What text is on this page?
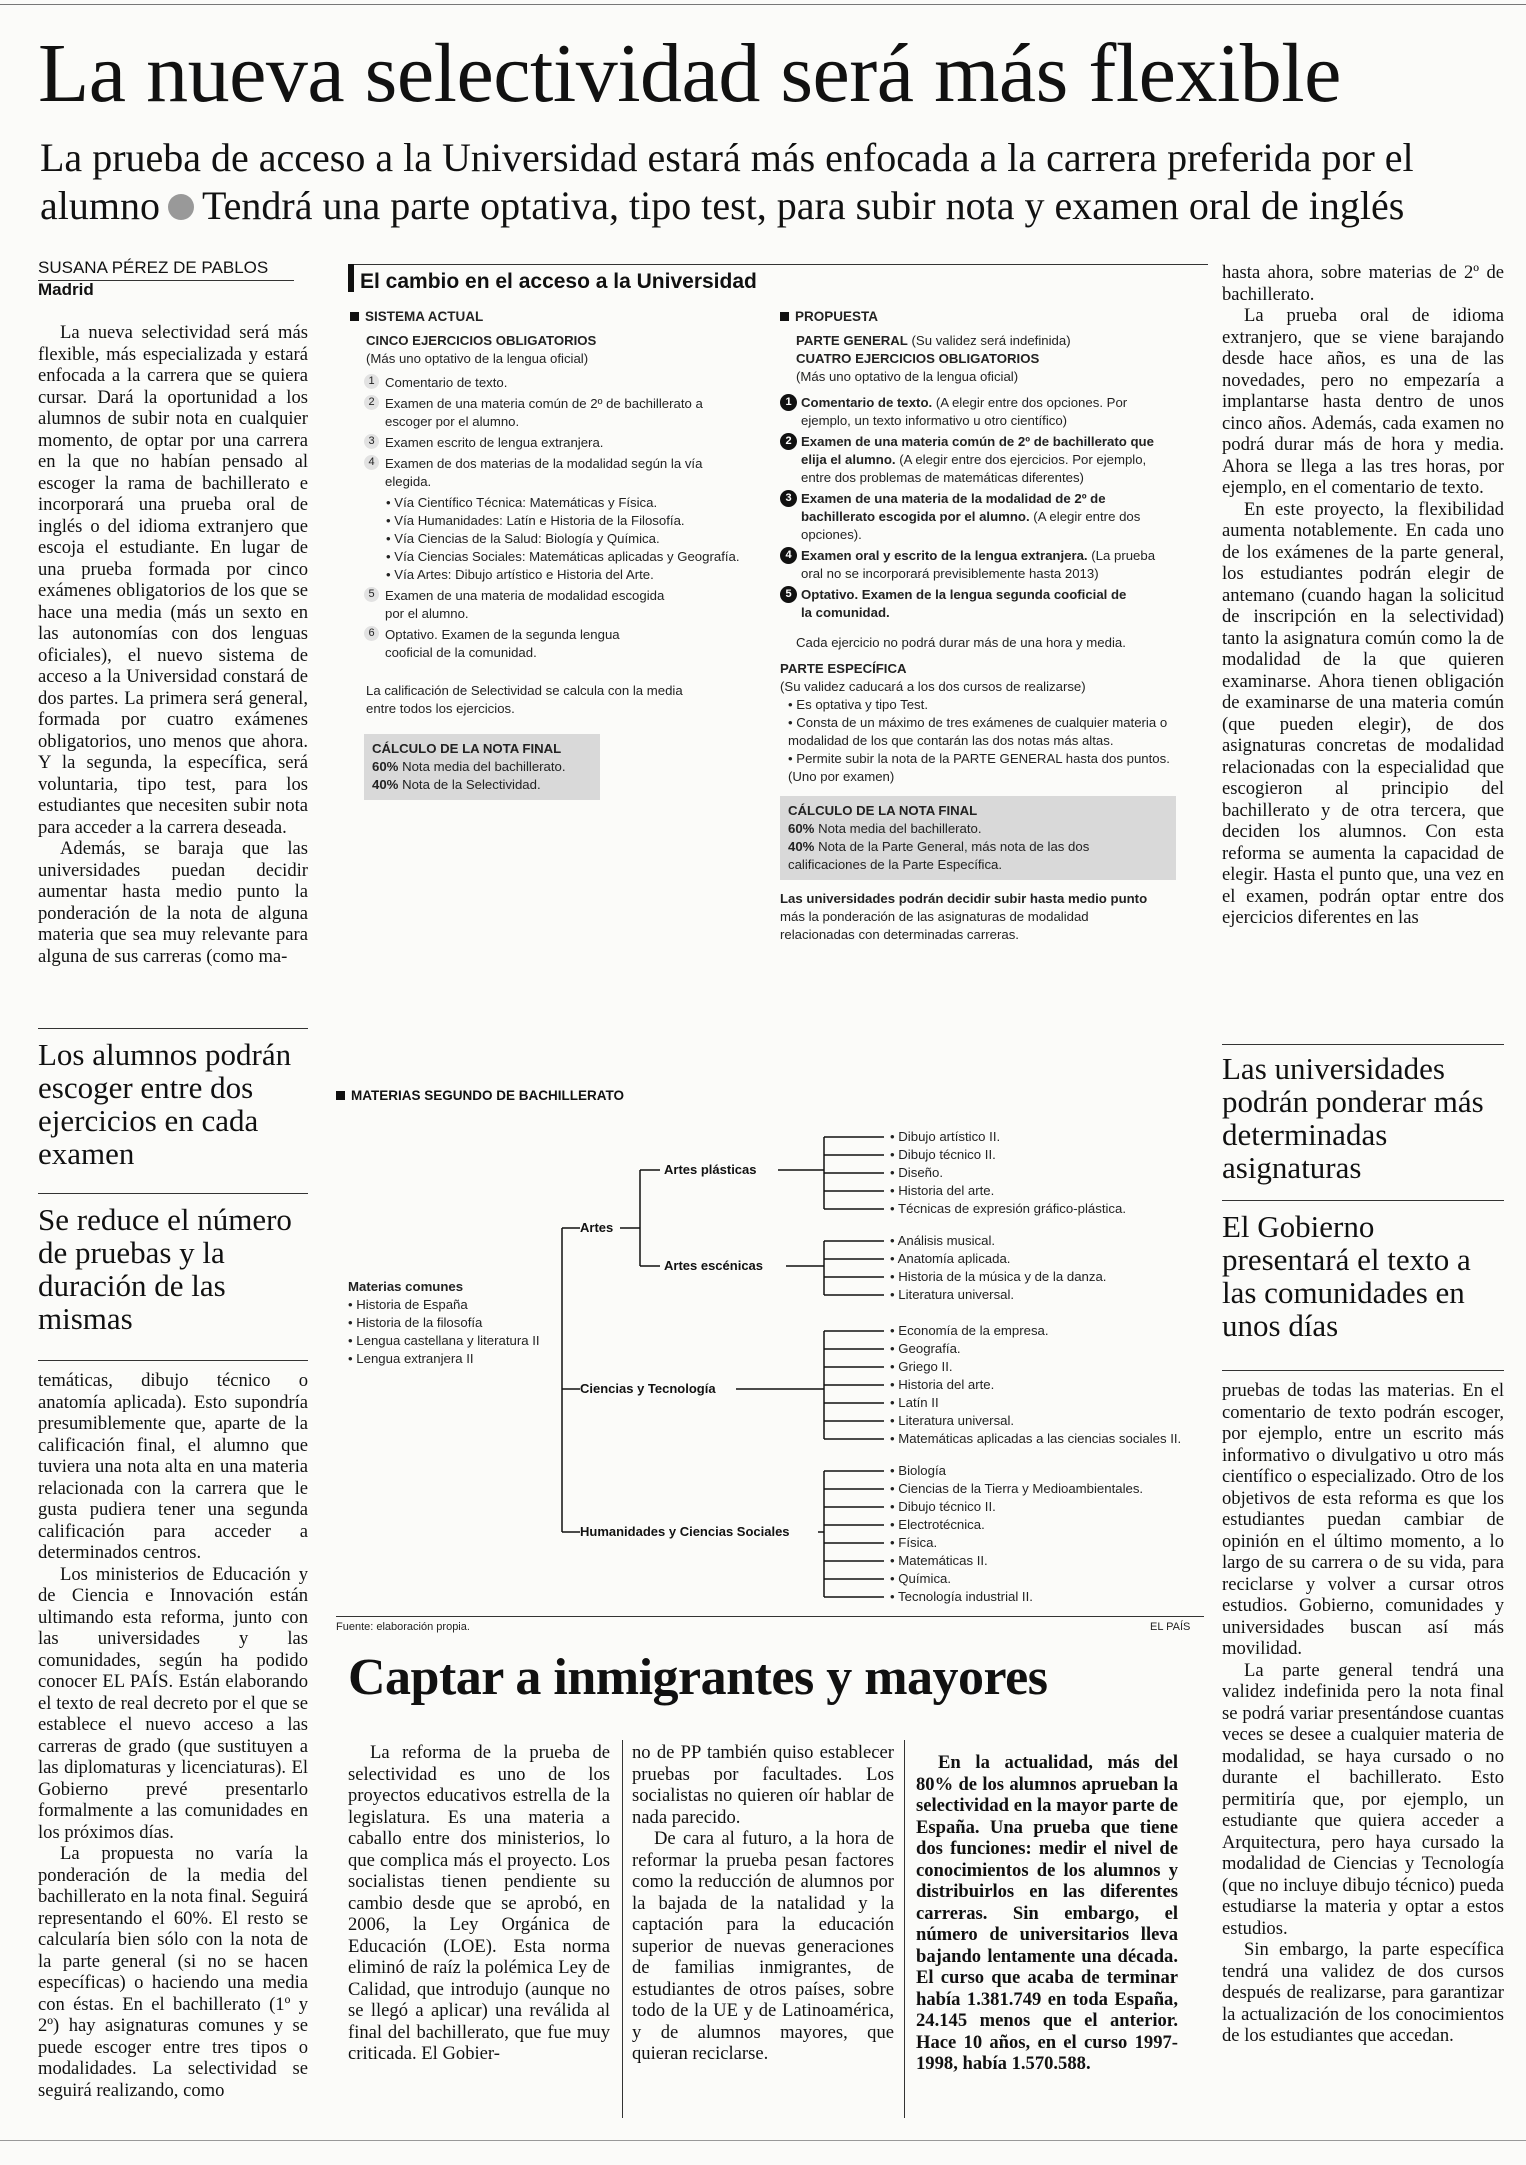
La nueva selectividad será más flexible
La prueba de acceso a la Universidad estará más enfocada a la carrera preferida por el alumno Tendrá una parte optativa, tipo test, para subir nota y examen oral de inglés
SUSANA PÉREZ DE PABLOS
Madrid

La nueva selectividad será más flexible, más especializada y estará enfocada a la carrera que se quiera cursar. Dará la oportunidad a los alumnos de subir nota en cualquier momento, de optar por una carrera en la que no habían pensado al escoger la rama de bachillerato e incorporará una prueba oral de inglés o del idioma extranjero que escoja el estudiante. En lugar de una prueba formada por cinco exámenes obligatorios de los que se hace una media (más un sexto en las autonomías con dos lenguas oficiales), el nuevo sistema de acceso a la Universidad constará de dos partes. La primera será general, formada por cuatro exámenes obligatorios, uno menos que ahora. Y la segunda, la específica, será voluntaria, tipo test, para los estudiantes que necesiten subir nota para acceder a la carrera deseada.

Además, se baraja que las universidades puedan decidir aumentar hasta medio punto la ponderación de la nota de alguna materia que sea muy relevante para alguna de sus carreras (como ma-

Los alumnos podrán escoger entre dos ejercicios en cada examen
Se reduce el número de pruebas y la duración de las mismas

temáticas, dibujo técnico o anatomía aplicada). Esto supondría presumiblemente que, aparte de la calificación final, el alumno que tuviera una nota alta en una materia relacionada con la carrera que le gusta pudiera tener una segunda calificación para acceder a determinados centros.

Los ministerios de Educación y de Ciencia e Innovación están ultimando esta reforma, junto con las universidades y las comunidades, según ha podido conocer EL PAÍS. Están elaborando el texto de real decreto por el que se establece el nuevo acceso a las carreras de grado (que sustituyen a las diplomaturas y licenciaturas). El Gobierno prevé presentarlo formalmente a las comunidades en los próximos días.

La propuesta no varía la ponderación de la media del bachillerato en la nota final. Seguirá representando el 60%. El resto se calcularía bien sólo con la nota de la parte general (si no se hacen específicas) o haciendo una media con éstas. En el bachillerato (1º y 2º) hay asignaturas comunes y se puede escoger entre tres tipos o modalidades. La selectividad se seguirá realizando, como

hasta ahora, sobre materias de 2º de bachillerato.

La prueba oral de idioma extranjero, que se viene barajando desde hace años, es una de las novedades, pero no empezaría a implantarse hasta dentro de unos cinco años. Además, cada examen no podrá durar más de hora y media. Ahora se llega a las tres horas, por ejemplo, en el comentario de texto.

En este proyecto, la flexibilidad aumenta notablemente. En cada uno de los exámenes de la parte general, los estudiantes podrán elegir de antemano (cuando hagan la solicitud de inscripción en la selectividad) tanto la asignatura común como la de modalidad de la que quieren examinarse. Ahora tienen obligación de examinarse de una materia común (que pueden elegir), de dos asignaturas concretas de modalidad relacionadas con la especialidad que escogieron al principio del bachillerato y de otra tercera, que deciden los alumnos. Con esta reforma se aumenta la capacidad de elegir. Hasta el punto que, una vez en el examen, podrán optar entre dos ejercicios diferentes en las

Las universidades podrán ponderar más determinadas asignaturas
El Gobierno presentará el texto a las comunidades en unos días

pruebas de todas las materias. En el comentario de texto podrán escoger, por ejemplo, entre un escrito más informativo o divulgativo u otro más científico o especializado. Otro de los objetivos de esta reforma es que los estudiantes puedan cambiar de opinión en el último momento, a lo largo de su carrera o de su vida, para reciclarse y volver a cursar otros estudios. Gobierno, comunidades y universidades buscan así más movilidad.

La parte general tendrá una validez indefinida pero la nota final se podrá variar presentándose cuantas veces se desee a cualquier materia de modalidad, se haya cursado o no durante el bachillerato. Esto permitiría que, por ejemplo, un estudiante que quiera acceder a Arquitectura, pero haya cursado la modalidad de Ciencias y Tecnología (que no incluye dibujo técnico) pueda estudiarse la materia y optar a estos estudios.

Sin embargo, la parte específica tendrá una validez de dos cursos después de realizarse, para garantizar la actualización de los conocimientos de los estudiantes que accedan.

El cambio en el acceso a la Universidad
SISTEMA ACTUAL
CINCO EJERCICIOS OBLIGATORIOS
(Más uno optativo de la lengua oficial)
1 Comentario de texto.
2 Examen de una materia común de 2º de bachillerato a escoger por el alumno.
3 Examen escrito de lengua extranjera.
4 Examen de dos materias de la modalidad según la vía elegida.
• Vía Científico Técnica: Matemáticas y Física.
• Vía Humanidades: Latín e Historia de la Filosofía.
• Vía Ciencias de la Salud: Biología y Química.
• Vía Ciencias Sociales: Matemáticas aplicadas y Geografía.
• Vía Artes: Dibujo artístico e Historia del Arte.
5 Examen de una materia de modalidad escogida por el alumno.
6 Optativo. Examen de la segunda lengua cooficial de la comunidad.
La calificación de Selectividad se calcula con la media entre todos los ejercicios.
CÁLCULO DE LA NOTA FINAL
60% Nota media del bachillerato.
40% Nota de la Selectividad.
PROPUESTA
PARTE GENERAL (Su validez será indefinida)
CUATRO EJERCICIOS OBLIGATORIOS
(Más uno optativo de la lengua oficial)
1 Comentario de texto. (A elegir entre dos opciones. Por ejemplo, un texto informativo u otro científico)
2 Examen de una materia común de 2º de bachillerato que elija el alumno. (A elegir entre dos ejercicios. Por ejemplo, entre dos problemas de matemáticas diferentes)
3 Examen de una materia de la modalidad de 2º de bachillerato escogida por el alumno. (A elegir entre dos opciones).
4 Examen oral y escrito de la lengua extranjera. (La prueba oral no se incorporará previsiblemente hasta 2013)
5 Optativo. Examen de la lengua segunda cooficial de la comunidad.
Cada ejercicio no podrá durar más de una hora y media.
PARTE ESPECÍFICA
(Su validez caducará a los dos cursos de realizarse)
• Es optativa y tipo Test.
• Consta de un máximo de tres exámenes de cualquier materia o modalidad de los que contarán las dos notas más altas.
• Permite subir la nota de la PARTE GENERAL hasta dos puntos. (Uno por examen)
CÁLCULO DE LA NOTA FINAL
60% Nota media del bachillerato.
40% Nota de la Parte General, más nota de las dos calificaciones de la Parte Específica.
Las universidades podrán decidir subir hasta medio punto más la ponderación de las asignaturas de modalidad relacionadas con determinadas carreras.
MATERIAS SEGUNDO DE BACHILLERATO
Materias comunes
• Historia de España
• Historia de la filosofía
• Lengua castellana y literatura II
• Lengua extranjera II
Artes
Artes plásticas
Artes escénicas
Ciencias y Tecnología
Humanidades y Ciencias Sociales
• Dibujo artístico II.
• Dibujo técnico II.
• Diseño.
• Historia del arte.
• Técnicas de expresión gráfico-plástica.
• Análisis musical.
• Anatomía aplicada.
• Historia de la música y de la danza.
• Literatura universal.
• Economía de la empresa.
• Geografía.
• Griego II.
• Historia del arte.
• Latín II
• Literatura universal.
• Matemáticas aplicadas a las ciencias sociales II.
• Biología
• Ciencias de la Tierra y Medioambientales.
• Dibujo técnico II.
• Electrotécnica.
• Física.
• Matemáticas II.
• Química.
• Tecnología industrial II.
Fuente: elaboración propia.	EL PAÍS
Captar a inmigrantes y mayores

La reforma de la prueba de selectividad es uno de los proyectos educativos estrella de la legislatura. Es una materia a caballo entre dos ministerios, lo que complica más el proyecto. Los socialistas tienen pendiente su cambio desde que se aprobó, en 2006, la Ley Orgánica de Educación (LOE). Esta norma eliminó de raíz la polémica Ley de Calidad, que introdujo (aunque no se llegó a aplicar) una reválida al final del bachillerato, que fue muy criticada. El Gobier-

no de PP también quiso establecer pruebas por facultades. Los socialistas no quieren oír hablar de nada parecido.

De cara al futuro, a la hora de reformar la prueba pesan factores como la reducción de alumnos por la bajada de la natalidad y la captación para la educación superior de nuevas generaciones de familias inmigrantes, de estudiantes de otros países, sobre todo de la UE y de Latinoamérica, y de alumnos mayores, que quieran reciclarse.

En la actualidad, más del 80% de los alumnos aprueban la selectividad en la mayor parte de España. Una prueba que tiene dos funciones: medir el nivel de conocimientos de los alumnos y distribuirlos en las diferentes carreras. Sin embargo, el número de universitarios lleva bajando lentamente una década. El curso que acaba de terminar había 1.381.749 en toda España, 24.145 menos que el anterior. Hace 10 años, en el curso 1997-1998, había 1.570.588.
